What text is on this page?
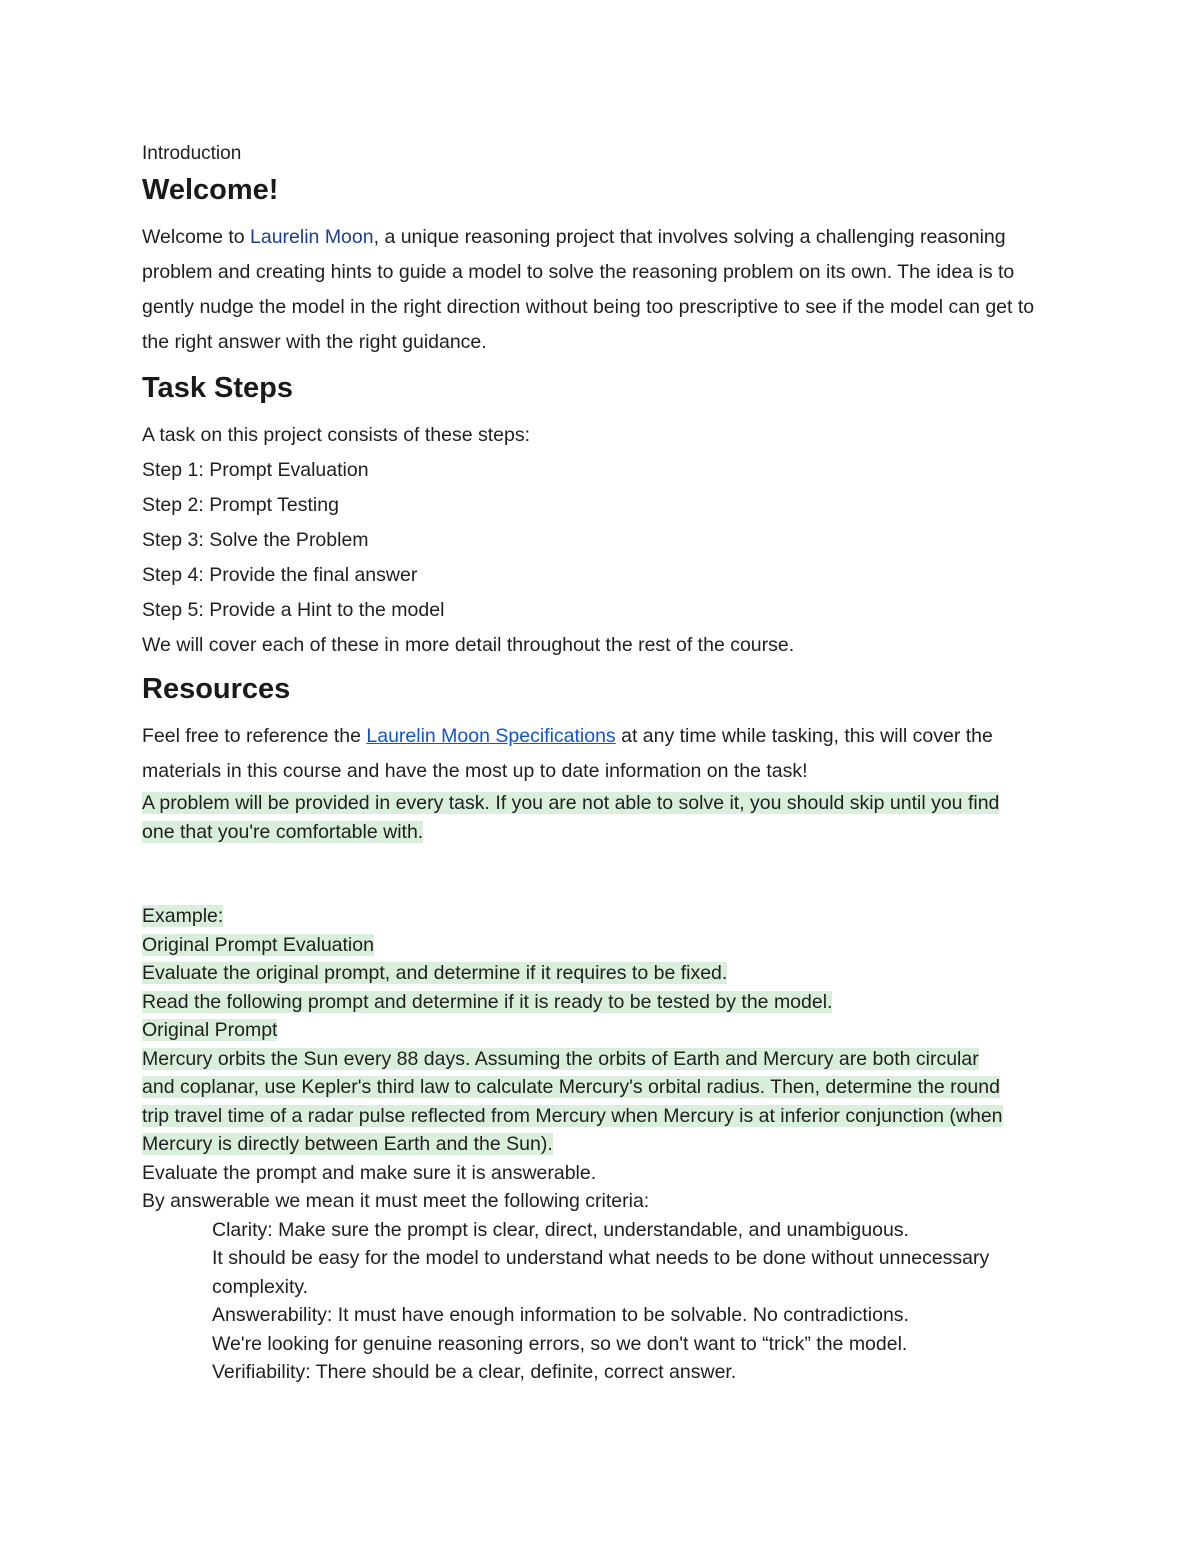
Introduction

Welcome!

Welcome to Laurelin Moon, a unique reasoning project that involves solving a challenging reasoning problem and creating hints to guide a model to solve the reasoning problem on its own. The idea is to gently nudge the model in the right direction without being too prescriptive to see if the model can get to the right answer with the right guidance.

Task Steps

A task on this project consists of these steps:

Step 1: Prompt Evaluation

Step 2: Prompt Testing

Step 3: Solve the Problem

Step 4: Provide the final answer

Step 5: Provide a Hint to the model

We will cover each of these in more detail throughout the rest of the course.

Resources

Feel free to reference the Laurelin Moon Specifications at any time while tasking, this will cover the materials in this course and have the most up to date information on the task!

A problem will be provided in every task. If you are not able to solve it, you should skip until you find

one that you're comfortable with.

Example:

Original Prompt Evaluation

Evaluate the original prompt, and determine if it requires to be fixed.

Read the following prompt and determine if it is ready to be tested by the model.

Original Prompt

Mercury orbits the Sun every 88 days. Assuming the orbits of Earth and Mercury are both circular

and coplanar, use Kepler's third law to calculate Mercury's orbital radius. Then, determine the round

trip travel time of a radar pulse reflected from Mercury when Mercury is at inferior conjunction (when

Mercury is directly between Earth and the Sun).

Evaluate the prompt and make sure it is answerable.

By answerable we mean it must meet the following criteria:

Clarity: Make sure the prompt is clear, direct, understandable, and unambiguous.

It should be easy for the model to understand what needs to be done without unnecessary

complexity.

Answerability: It must have enough information to be solvable. No contradictions.

We're looking for genuine reasoning errors, so we don't want to “trick” the model.

Verifiability: There should be a clear, definite, correct answer.
